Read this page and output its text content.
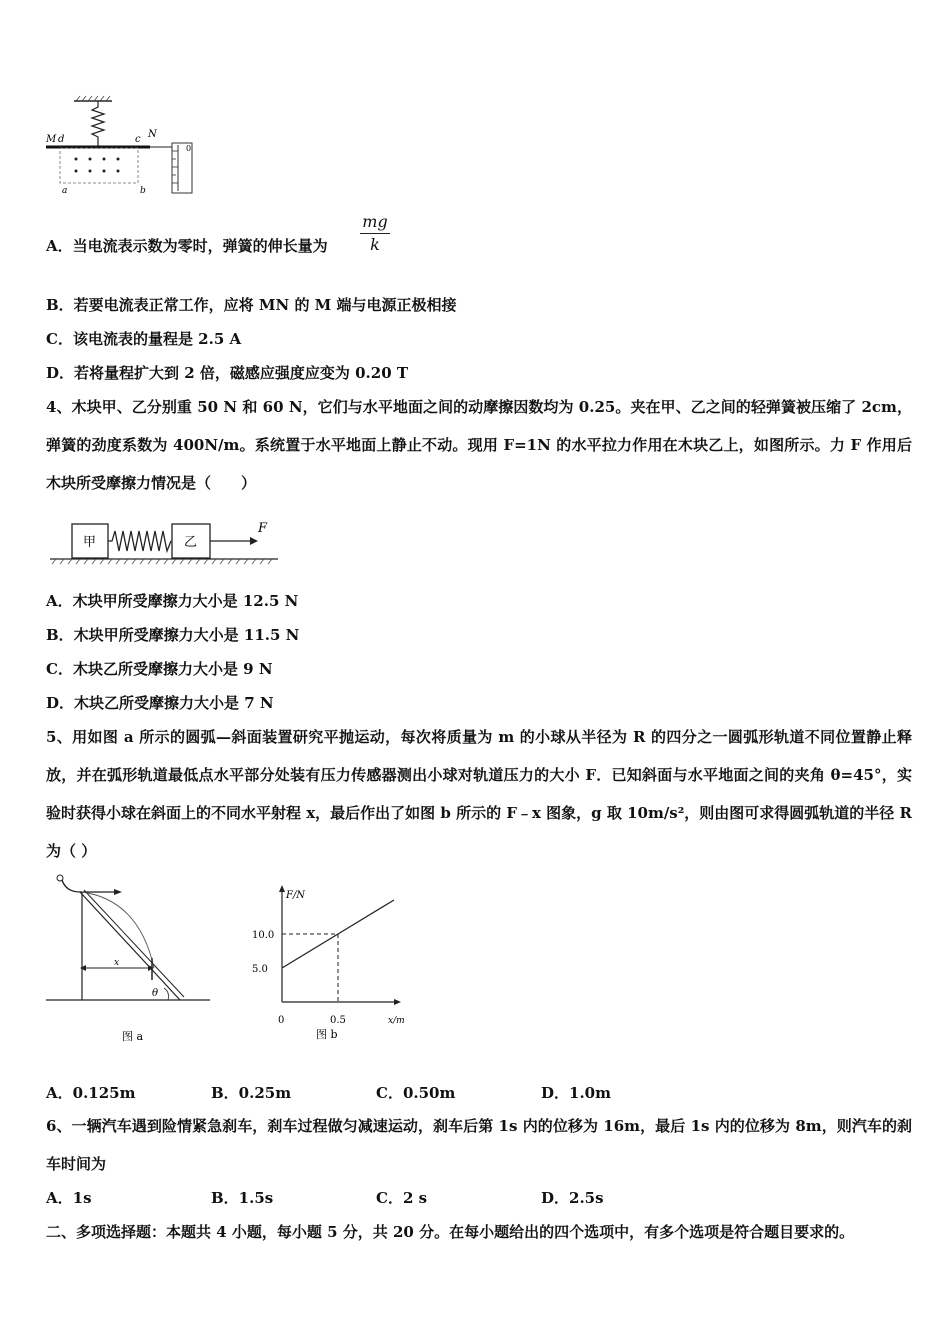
M d	c N
a	b
0
A．当电流表示数为零时，弹簧的伸长量为
mg
k
B．若要电流表正常工作，应将 MN 的 M 端与电源正极相接
C．该电流表的量程是 2.5 A
D．若将量程扩大到 2 倍，磁感应强度应变为 0.20 T
4、木块甲、乙分别重 50 N 和 60 N，它们与水平地面之间的动摩擦因数均为 0.25。夹在甲、乙之间的轻弹簧被压缩了 2cm，弹簧的劲度系数为 400N/m。系统置于水平地面上静止不动。现用 F=1N 的水平拉力作用在木块乙上，如图所示。力 F 作用后木块所受摩擦力情况是（　　）
甲	乙
F
A．木块甲所受摩擦力大小是 12.5 N
B．木块甲所受摩擦力大小是 11.5 N
C．木块乙所受摩擦力大小是 9 N
D．木块乙所受摩擦力大小是 7 N
5、用如图 a 所示的圆弧—斜面装置研究平抛运动，每次将质量为 m 的小球从半径为 R 的四分之一圆弧形轨道不同位置静止释放，并在弧形轨道最低点水平部分处装有压力传感器测出小球对轨道压力的大小 F．已知斜面与水平地面之间的夹角 θ=45°，实验时获得小球在斜面上的不同水平射程 x，最后作出了如图 b 所示的 F﹣x 图象，g 取 10m/s²，则由图可求得圆弧轨道的半径 R 为（ ）
x
θ
图 a
F/N
x/m
0
5.0
10.0
0.5
图 b
A．0.125m	B．0.25m	C．0.50m	D．1.0m
6、一辆汽车遇到险情紧急刹车，刹车过程做匀减速运动，刹车后第 1s 内的位移为 16m，最后 1s 内的位移为 8m，则汽车的刹车时间为
A．1s	B．1.5s	C．2 s	D．2.5s
二、多项选择题：本题共 4 小题，每小题 5 分，共 20 分。在每小题给出的四个选项中，有多个选项是符合题目要求的。
